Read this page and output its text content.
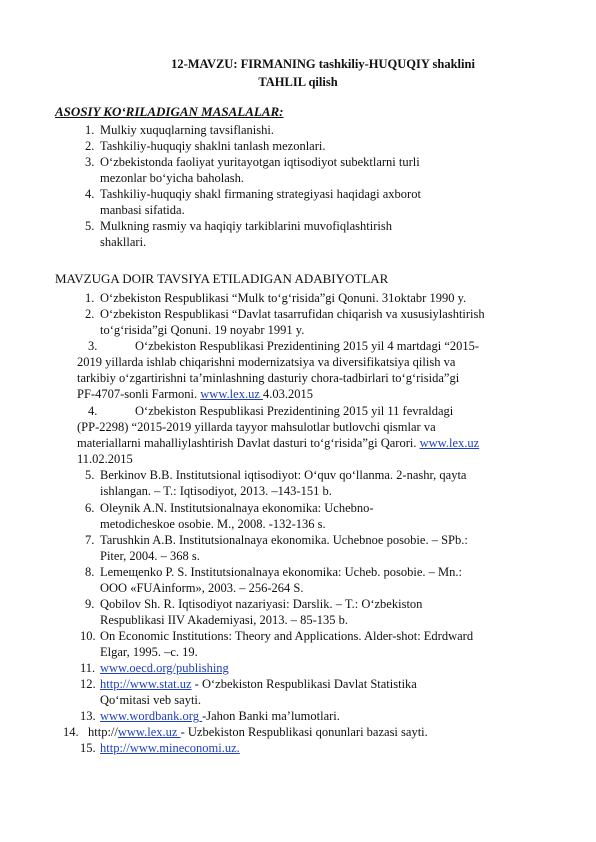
12-MAVZU: FIRMANING tashkiliy-HUQUQIY shaklini
TAHLIL qilish
ASOSIY KO‘RILADIGAN MASALALAR:
1. Mulkiy xuquqlarning tavsiflanishi.
2. Tashkiliy-huquqiy shaklni tanlash mezonlari.
3. O‘zbekistonda faoliyat yuritayotgan iqtisodiyot subektlarni turli
mezonlar bo‘yicha baholash.
4. Tashkiliy-huquqiy shakl firmaning strategiyasi haqidagi axborot
manbasi sifatida.
5. Mulkning rasmiy va haqiqiy tarkiblarini muvofiqlashtirish
shakllari.
MAVZUGA DOIR TAVSIYA ETILADIGAN ADABIYOTLAR
1. O‘zbekiston Respublikasi “Mulk to‘g‘risida”gi Qonuni. 31oktabr 1990 y.
2. O‘zbekiston Respublikasi “Davlat tasarrufidan chiqarish va xususiylashtirish
to‘g‘risida”gi Qonuni. 19 noyabr 1991 y.
3.	O‘zbekiston Respublikasi Prezidentining 2015 yil 4 martdagi “2015-
2019 yillarda ishlab chiqarishni modernizatsiya va diversifikatsiya qilish va
tarkibiy o‘zgartirishni ta’minlashning dasturiy chora-tadbirlari to‘g‘risida”gi
PF-4707-sonli Farmoni. www.lex.uz 4.03.2015
4.	O‘zbekiston Respublikasi Prezidentining 2015 yil 11 fevraldagi
(PP-2298) “2015-2019 yillarda tayyor mahsulotlar butlovchi qismlar va
materiallarni mahalliylashtirish Davlat dasturi to‘g‘risida”gi Qarori. www.lex.uz
11.02.2015
5. Berkinov B.B. Institutsional iqtisodiyot: O‘quv qo‘llanma. 2-nashr, qayta
ishlangan. – T.: Iqtisodiyot, 2013. –143-151 b.
6. Oleynik A.N. Institutsionalnaya ekonomika: Uchebno-
metodicheskoe osobie. M., 2008. -132-136 s.
7. Tarushkin A.B. Institutsionalnaya ekonomika. Uchebnoe posobie. – SPb.:
Piter, 2004. – 368 s.
8. Lemeщenko P. S. Institutsionalnaya ekonomika: Ucheb. posobie. – Mn.:
OOO «FUAinform», 2003. – 256-264 S.
9. Qobilov Sh. R. Iqtisodiyot nazariyasi: Darslik. – T.: O‘zbekiston
Respublikasi IIV Akademiyasi, 2013. – 85-135 b.
10. On Economic Institutions: Theory and Applications. Alder-shot: Edrdward
Elgar, 1995. –c. 19.
11. www.oecd.org/publishing
12. http://www.stat.uz - O‘zbekiston Respublikasi Davlat Statistika
Qo‘mitasi veb sayti.
13. www.wordbank.org -Jahon Banki ma’lumotlari.
14. http://www.lex.uz - Uzbekiston Respublikasi qonunlari bazasi sayti.
15. http://www.mineconomi.uz.
